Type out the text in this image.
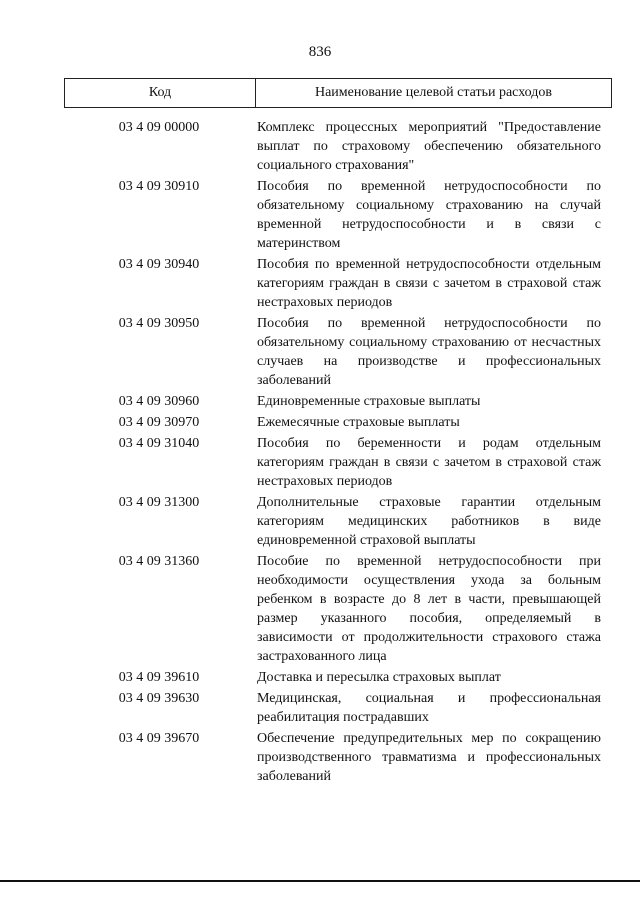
836
Код	Наименование целевой статьи расходов
03 4 09 00000	Комплекс процессных мероприятий "Предоставление выплат по страховому обеспечению обязательного социального страхования"
03 4 09 30910	Пособия по временной нетрудоспособности по обязательному социальному страхованию на случай временной нетрудоспособности и в связи с материнством
03 4 09 30940	Пособия по временной нетрудоспособности отдельным категориям граждан в связи с зачетом в страховой стаж нестраховых периодов
03 4 09 30950	Пособия по временной нетрудоспособности по обязательному социальному страхованию от несчастных случаев на производстве и профессиональных заболеваний
03 4 09 30960	Единовременные страховые выплаты
03 4 09 30970	Ежемесячные страховые выплаты
03 4 09 31040	Пособия по беременности и родам отдельным категориям граждан в связи с зачетом в страховой стаж нестраховых периодов
03 4 09 31300	Дополнительные страховые гарантии отдельным категориям медицинских работников в виде единовременной страховой выплаты
03 4 09 31360	Пособие по временной нетрудоспособности при необходимости осуществления ухода за больным ребенком в возрасте до 8 лет в части, превышающей размер указанного пособия, определяемый в зависимости от продолжительности страхового стажа застрахованного лица
03 4 09 39610	Доставка и пересылка страховых выплат
03 4 09 39630	Медицинская, социальная и профессиональная реабилитация пострадавших
03 4 09 39670	Обеспечение предупредительных мер по сокращению производственного травматизма и профессиональных заболеваний
